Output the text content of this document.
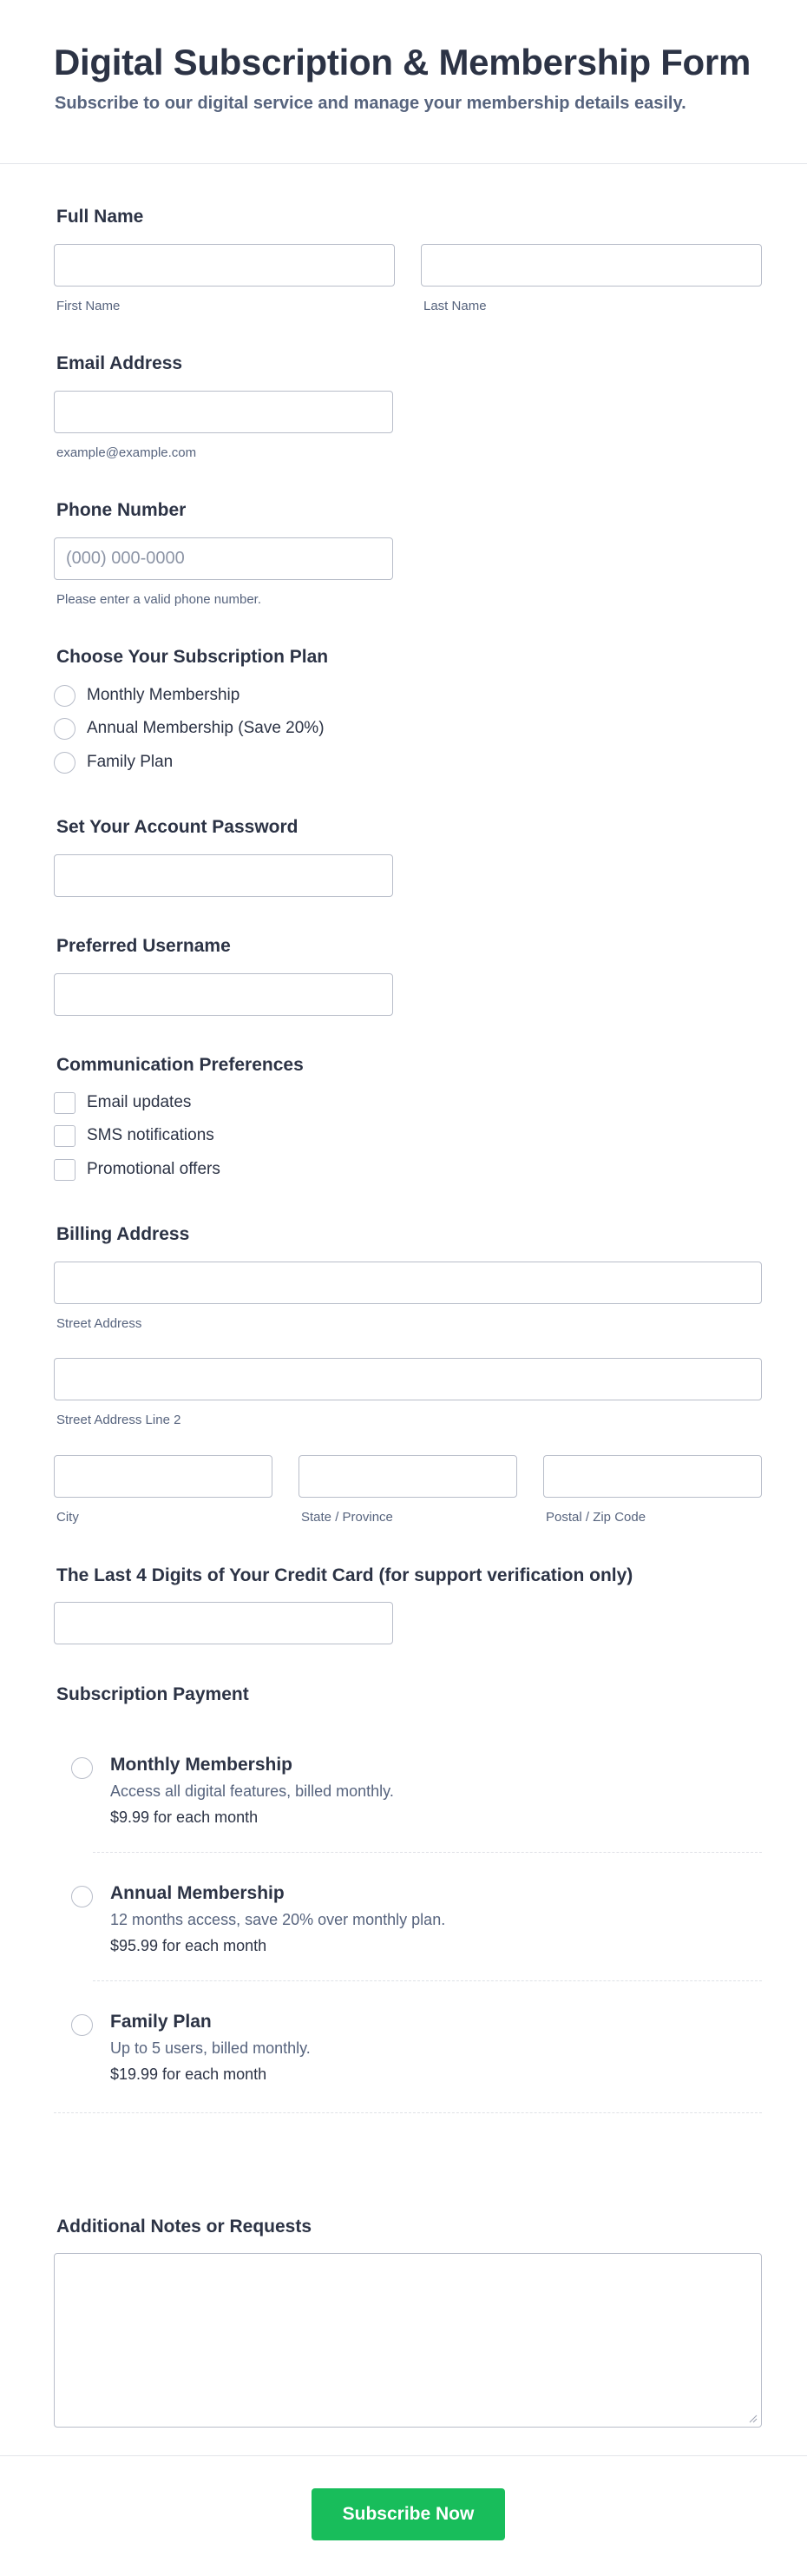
Digital Subscription & Membership Form
Subscribe to our digital service and manage your membership details easily.
Full Name
First Name	Last Name
Email Address
example@example.com
Phone Number
(000) 000-0000
Please enter a valid phone number.
Choose Your Subscription Plan
Monthly Membership
Annual Membership (Save 20%)
Family Plan
Set Your Account Password
Preferred Username
Communication Preferences
Email updates
SMS notifications
Promotional offers
Billing Address
Street Address
Street Address Line 2
City	State / Province	Postal / Zip Code
The Last 4 Digits of Your Credit Card (for support verification only)
Subscription Payment
Monthly Membership
Access all digital features, billed monthly.
$9.99 for each month
Annual Membership
12 months access, save 20% over monthly plan.
$95.99 for each month
Family Plan
Up to 5 users, billed monthly.
$19.99 for each month
Additional Notes or Requests
Subscribe Now
